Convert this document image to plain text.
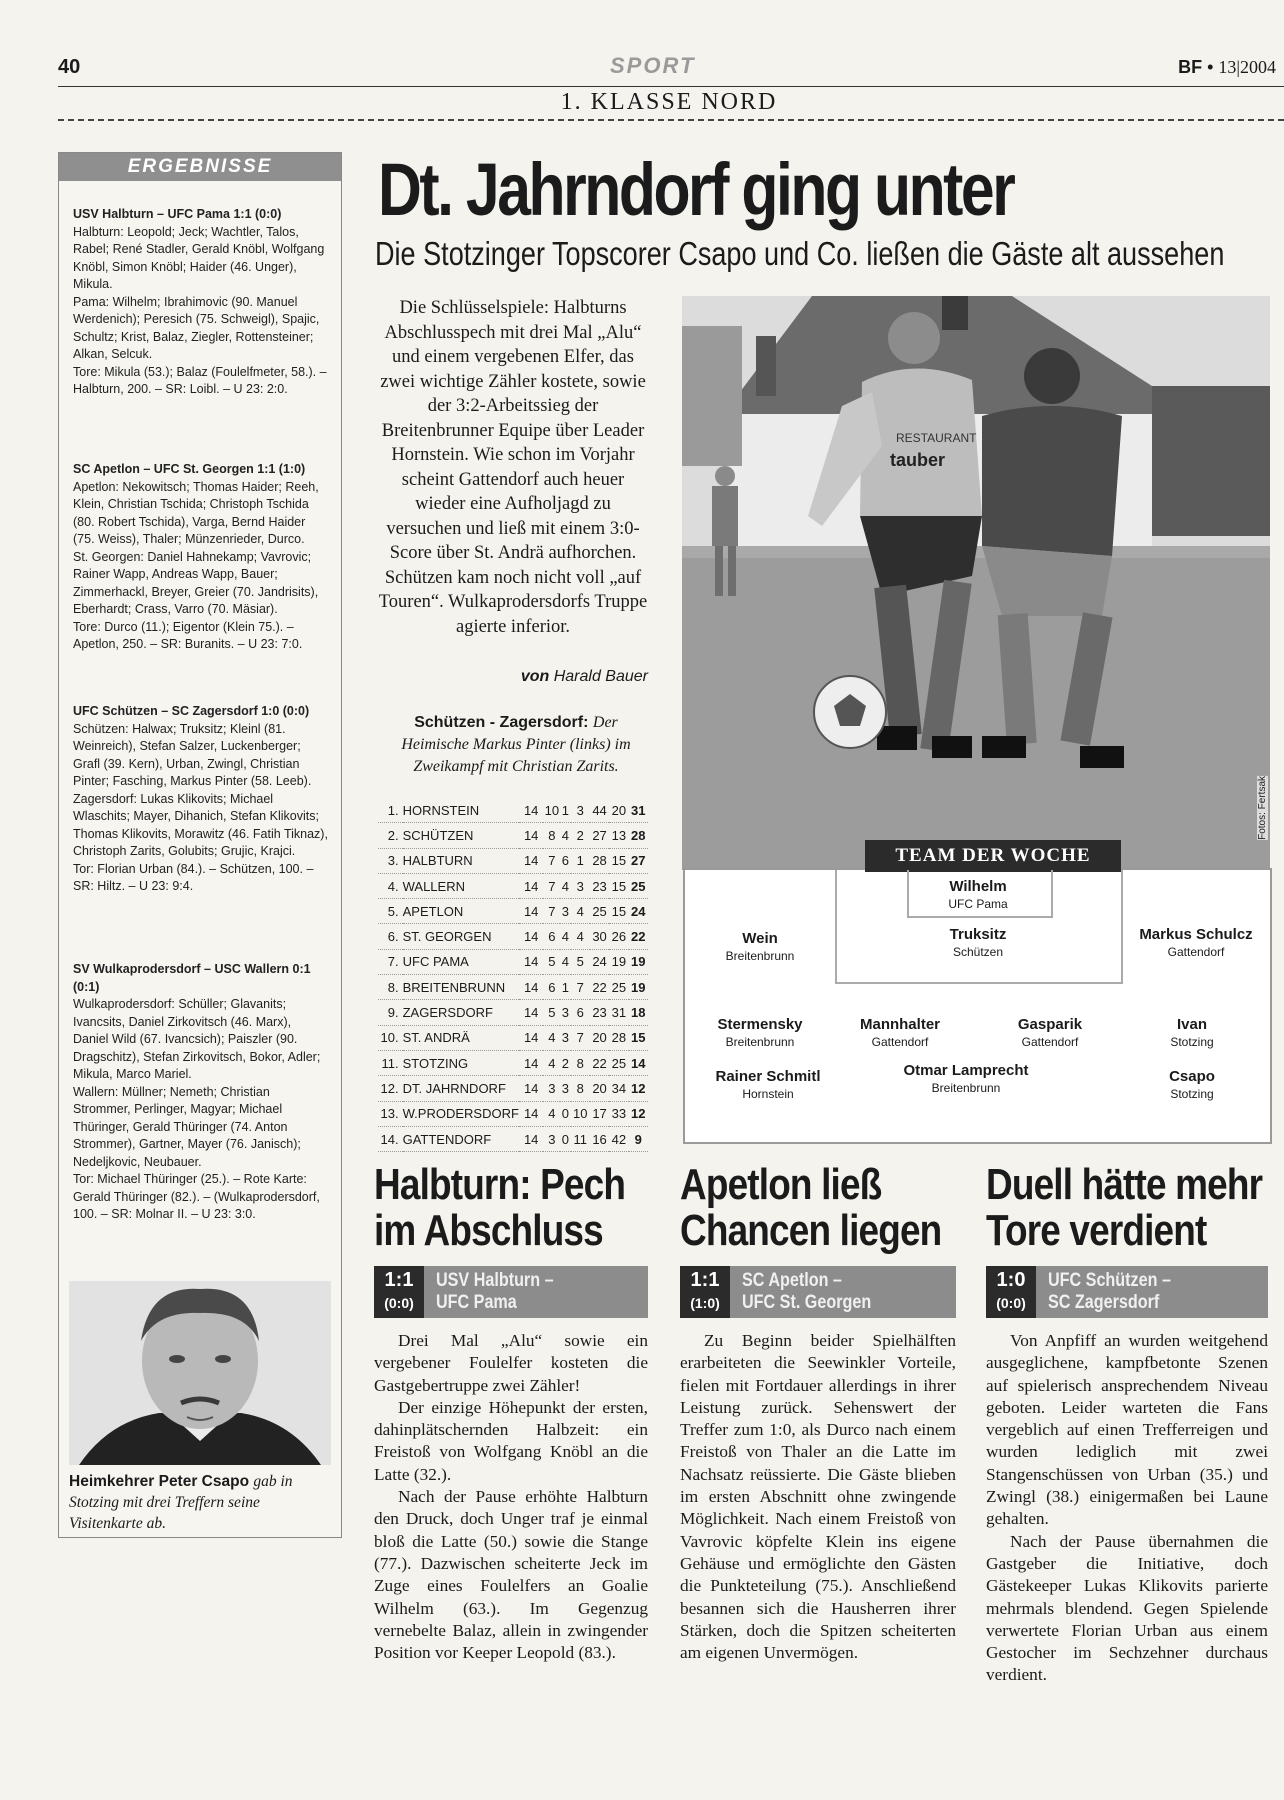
40	SPORT	BF • 13|2004
1. KLASSE NORD
ERGEBNISSE
USV Halbturn – UFC Pama 1:1 (0:0)

Halbturn: Leopold; Jeck; Wachtler, Talos, Rabel; René Stadler, Gerald Knöbl, Wolfgang Knöbl, Simon Knöbl; Haider (46. Unger), Mikula.

Pama: Wilhelm; Ibrahimovic (90. Manuel Werdenich); Peresich (75. Schweigl), Spajic, Schultz; Krist, Balaz, Ziegler, Rottensteiner; Alkan, Selcuk.

Tore: Mikula (53.); Balaz (Foulelfmeter, 58.). – Halbturn, 200. – SR: Loibl. – U 23: 2:0.

SC Apetlon – UFC St. Georgen 1:1 (1:0)

Apetlon: Nekowitsch; Thomas Haider; Reeh, Klein, Christian Tschida; Christoph Tschida (80. Robert Tschida), Varga, Bernd Haider (75. Weiss), Thaler; Münzenrieder, Durco.

St. Georgen: Daniel Hahnekamp; Vavrovic; Rainer Wapp, Andreas Wapp, Bauer; Zimmerhackl, Breyer, Greier (70. Jandrisits), Eberhardt; Crass, Varro (70. Mäsiar).

Tore: Durco (11.); Eigentor (Klein 75.). – Apetlon, 250. – SR: Buranits. – U 23: 7:0.

UFC Schützen – SC Zagersdorf 1:0 (0:0)

Schützen: Halwax; Truksitz; Kleinl (81. Weinreich), Stefan Salzer, Luckenberger; Grafl (39. Kern), Urban, Zwingl, Christian Pinter; Fasching, Markus Pinter (58. Leeb).

Zagersdorf: Lukas Klikovits; Michael Wlaschits; Mayer, Dihanich, Stefan Klikovits; Thomas Klikovits, Morawitz (46. Fatih Tiknaz), Christoph Zarits, Golubits; Grujic, Krajci.

Tor: Florian Urban (84.). – Schützen, 100. – SR: Hiltz. – U 23: 9:4.

SV Wulkaprodersdorf – USC Wallern 0:1 (0:1)

Wulkaprodersdorf: Schüller; Glavanits; Ivancsits, Daniel Zirkovitsch (46. Marx), Daniel Wild (67. Ivancsich); Paiszler (90. Dragschitz), Stefan Zirkovitsch, Bokor, Adler; Mikula, Marco Mariel.

Wallern: Müllner; Nemeth; Christian Strommer, Perlinger, Magyar; Michael Thüringer, Gerald Thüringer (74. Anton Strommer), Gartner, Mayer (76. Janisch); Nedeljkovic, Neubauer.

Tor: Michael Thüringer (25.). – Rote Karte: Gerald Thüringer (82.). – (Wulkaprodersdorf, 100. – SR: Molnar II. – U 23: 3:0.

Heimkehrer Peter Csapo gab in Stotzing mit drei Treffern seine Visitenkarte ab.
Dt. Jahrndorf ging unter
Die Stotzinger Topscorer Csapo und Co. ließen die Gäste alt aussehen
Die Schlüsselspiele: Halbturns Abschlusspech mit drei Mal „Alu“ und einem vergebenen Elfer, das zwei wichtige Zähler kostete, sowie der 3:2-Arbeitssieg der Breitenbrunner Equipe über Leader Hornstein. Wie schon im Vorjahr scheint Gattendorf auch heuer wieder eine Aufholjagd zu versuchen und ließ mit einem 3:0-Score über St. Andrä aufhorchen. Schützen kam noch nicht voll „auf Touren“. Wulkaprodersdorfs Truppe agierte inferior.
von Harald Bauer
Schützen - Zagersdorf: Der Heimische Markus Pinter (links) im Zweikampf mit Christian Zarits.
1.	HORNSTEIN	14	10	1	3	44	20	31
2.	SCHÜTZEN	14	8	4	2	27	13	28
3.	HALBTURN	14	7	6	1	28	15	27
4.	WALLERN	14	7	4	3	23	15	25
5.	APETLON	14	7	3	4	25	15	24
6.	ST. GEORGEN	14	6	4	4	30	26	22
7.	UFC PAMA	14	5	4	5	24	19	19
8.	BREITENBRUNN	14	6	1	7	22	25	19
9.	ZAGERSDORF	14	5	3	6	23	31	18
10.	ST. ANDRÄ	14	4	3	7	20	28	15
11.	STOTZING	14	4	2	8	22	25	14
12.	DT. JAHRNDORF	14	3	3	8	20	34	12
13.	W.PRODERSDORF	14	4	0	10	17	33	12
14.	GATTENDORF	14	3	0	11	16	42	9
RESTAURANT
tauber
Fotos: Fertsak
TEAM DER WOCHE
Wilhelm
UFC Pama
Wein
Breitenbrunn
Truksitz
Schützen
Markus Schulcz
Gattendorf
Stermensky
Breitenbrunn
Mannhalter
Gattendorf
Gasparik
Gattendorf
Ivan
Stotzing
Rainer Schmitl
Hornstein
Otmar Lamprecht
Breitenbrunn
Csapo
Stotzing
Halbturn: Pech
im Abschluss
1:1
(0:0)
USV Halbturn –
UFC Pama

Drei Mal „Alu“ sowie ein vergebener Foulelfer kosteten die Gastgebertruppe zwei Zähler!

Der einzige Höhepunkt der ersten, dahinplätschernden Halbzeit: ein Freistoß von Wolfgang Knöbl an die Latte (32.).

Nach der Pause erhöhte Halbturn den Druck, doch Unger traf je einmal bloß die Latte (50.) sowie die Stange (77.). Dazwischen scheiterte Jeck im Zuge eines Foulelfers an Goalie Wilhelm (63.). Im Gegenzug vernebelte Balaz, allein in zwingender Position vor Keeper Leopold (83.).

Apetlon ließ
Chancen liegen
1:1
(1:0)
SC Apetlon –
UFC St. Georgen

Zu Beginn beider Spielhälften erarbeiteten die Seewinkler Vorteile, fielen mit Fortdauer allerdings in ihrer Leistung zurück. Sehenswert der Treffer zum 1:0, als Durco nach einem Freistoß von Thaler an die Latte im Nachsatz reüssierte. Die Gäste blieben im ersten Abschnitt ohne zwingende Möglichkeit. Nach einem Freistoß von Vavrovic köpfelte Klein ins eigene Gehäuse und ermöglichte den Gästen die Punkteteilung (75.). Anschließend besannen sich die Hausherren ihrer Stärken, doch die Spitzen scheiterten am eigenen Unvermögen.

Duell hätte mehr
Tore verdient
1:0
(0:0)
UFC Schützen –
SC Zagersdorf

Von Anpfiff an wurden weitgehend ausgeglichene, kampfbetonte Szenen auf spielerisch ansprechendem Niveau geboten. Leider warteten die Fans vergeblich auf einen Trefferreigen und wurden lediglich mit zwei Stangenschüssen von Urban (35.) und Zwingl (38.) einigermaßen bei Laune gehalten.

Nach der Pause übernahmen die Gastgeber die Initiative, doch Gästekeeper Lukas Klikovits parierte mehrmals blendend. Gegen Spielende verwertete Florian Urban aus einem Gestocher im Sechzehner durchaus verdient.
